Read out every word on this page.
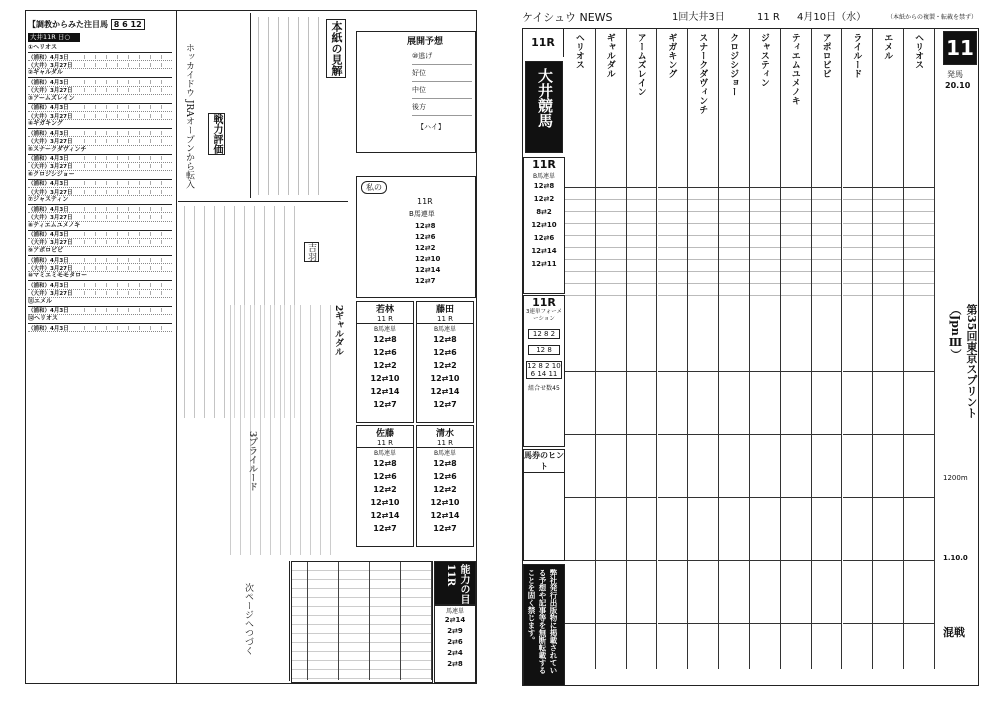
【調教からみた注目馬 8 6 12
大井11R 日○
①ヘリオス
（浦和）4月3日
（大井）3月27日
②ギャルダル
（浦和）4月3日
（大井）3月27日
③アームズレイン
（浦和）4月3日
（大井）3月27日
④ギガキング
（浦和）4月3日
（大井）3月27日
⑤スナークダヴィンチ
（浦和）4月3日
（大井）3月27日
⑥クロジシジョー
（浦和）4月3日
（大井）3月27日
⑦ジャスティン
（浦和）4月3日
（大井）3月27日
⑧ティエムユメノキ
（浦和）4月3日
（大井）3月27日
⑨アポロビビ
（浦和）4月3日
（大井）3月27日
⑩マミエミモモタロー
（浦和）4月3日
（大井）3月27日
⑪エメル
（浦和）4月3日
⑫ヘリオス
（浦和）4月3日
戦力評価
ホッカイドウ JRAオープンから転入	本紙の見解	展開予想
⑩逃げ
好位
中位
後方
【ハイ】
吉羽
私の
11R
B馬連単
12⇄8
12⇄6
12⇄2
12⇄10
12⇄14
12⇄7
若林
11 R
B馬連単
12⇄8
12⇄6
12⇄2
12⇄10
12⇄14
12⇄7
藤田
11 R
B馬連単
12⇄8
12⇄6
12⇄2
12⇄10
12⇄14
12⇄7
佐藤
11 R
B馬連単
12⇄8
12⇄6
12⇄2
12⇄10
12⇄14
12⇄7
清水
11 R
B馬連単
12⇄8
12⇄6
12⇄2
12⇄10
12⇄14
12⇄7
2ギャルダル
3プライルード
次ページへつづく	能力の目 11R
馬連単
2⇄14
2⇄9
2⇄6
2⇄4
2⇄8
ケイシュウ NEWS	1回大井3日	11 R 4月10日（水）	（本紙からの複製・転載を禁ず）
11R
大井競馬
ヘリオス ギャルダル アームズレイン ギガキング スナークダヴィンチ クロジシジョー ジャスティン ティエムユメノキ アポロビビ ライルード エメル ヘリオス 11
発馬
20.10
第35回東京スプリント（JpnⅢ）
1200m
1.10.0
混戦
11R
B馬連単
12⇄8
12⇄2
8⇄2
12⇄10
12⇄6
12⇄14
12⇄11
11R
3連単フォーメーション
12 8 2
12 8
12 8 2 10 6 14 11
組合せ数45
馬券のヒント
弊社発行出版物に掲載されている予想や記事等を無断転載することを固く禁じます。
